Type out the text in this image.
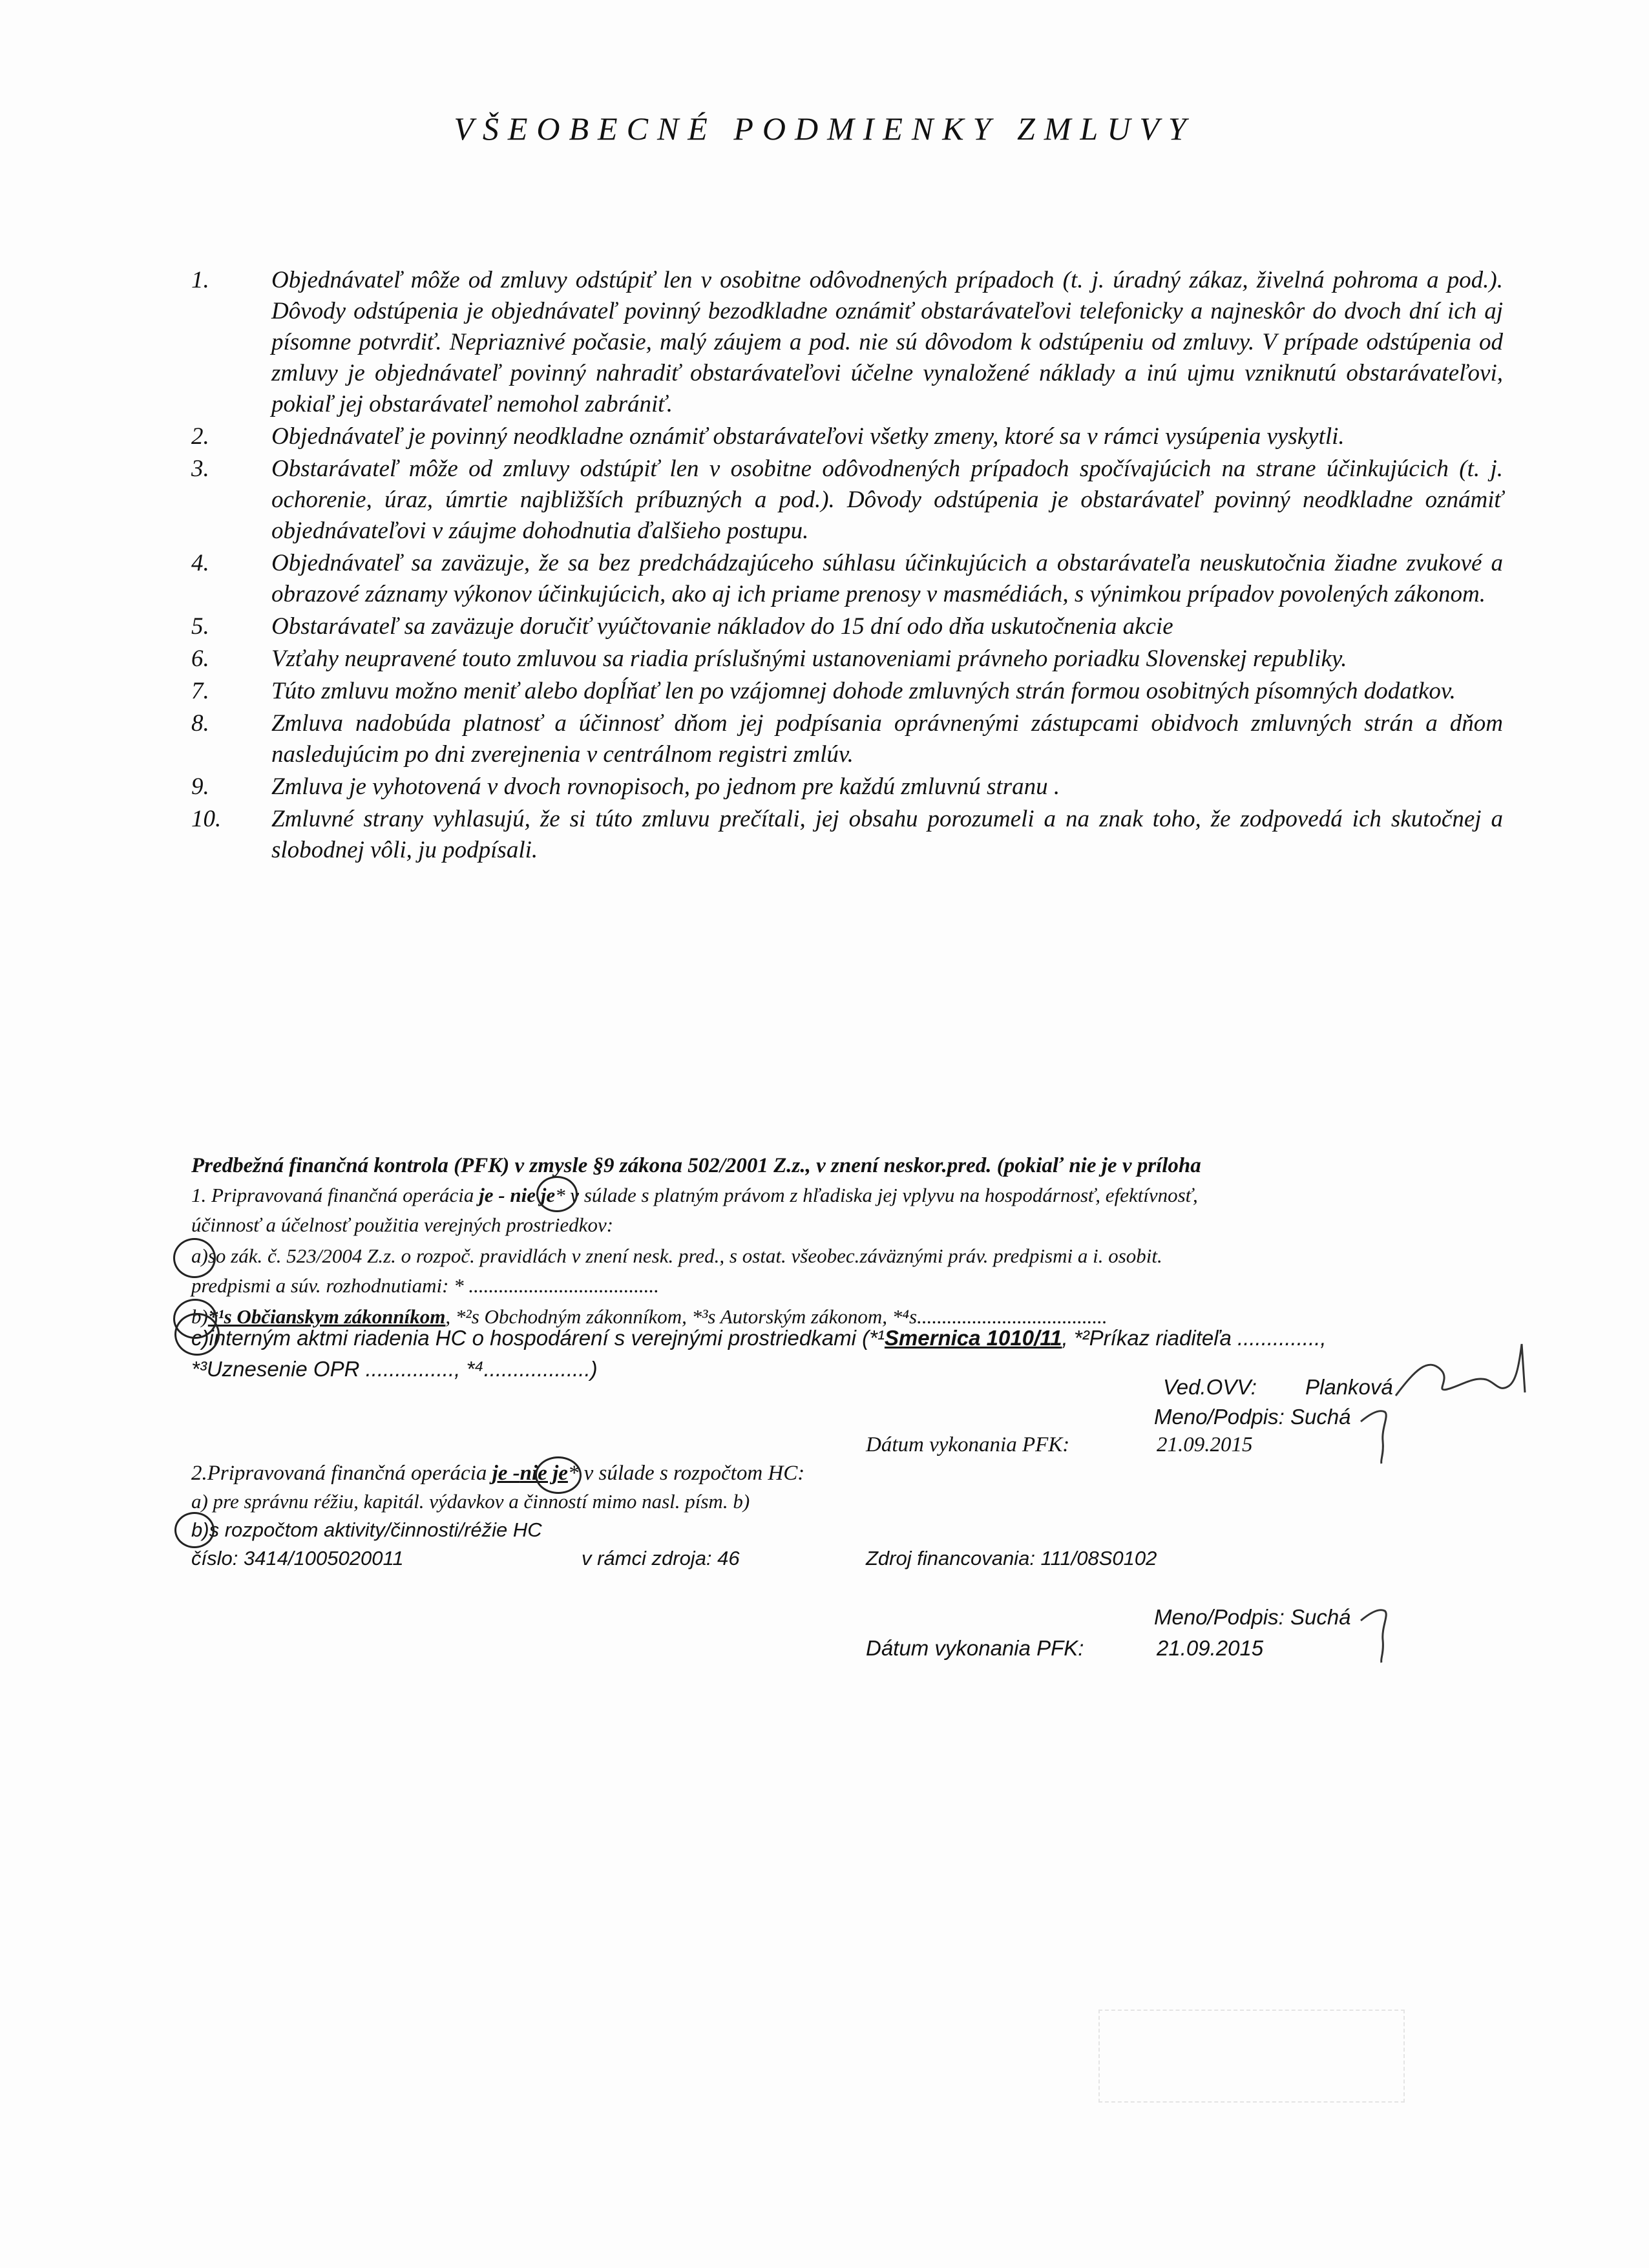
VŠEOBECNÉ PODMIENKY ZMLUVY
1.	Objednávateľ môže od zmluvy odstúpiť len v osobitne odôvodnených prípadoch (t. j. úradný zákaz, živelná pohroma a pod.). Dôvody odstúpenia je objednávateľ povinný bezodkladne oznámiť obstarávateľovi telefonicky a najneskôr do dvoch dní ich aj písomne potvrdiť. Nepriaznivé počasie, malý záujem a pod. nie sú dôvodom k odstúpeniu od zmluvy. V prípade odstúpenia od zmluvy je objednávateľ povinný nahradiť obstarávateľovi účelne vynaložené náklady a inú ujmu vzniknutú obstarávateľovi, pokiaľ jej obstarávateľ nemohol zabrániť.
2.	Objednávateľ je povinný neodkladne oznámiť obstarávateľovi všetky zmeny, ktoré sa v rámci vysúpenia vyskytli.
3.	Obstarávateľ môže od zmluvy odstúpiť len v osobitne odôvodnených prípadoch spočívajúcich na strane účinkujúcich (t. j. ochorenie, úraz, úmrtie najbližších príbuzných a pod.). Dôvody odstúpenia je obstarávateľ povinný neodkladne oznámiť objednávateľovi v záujme dohodnutia ďalšieho postupu.
4.	Objednávateľ sa zaväzuje, že sa bez predchádzajúceho súhlasu účinkujúcich a obstarávateľa neuskutočnia žiadne zvukové a obrazové záznamy výkonov účinkujúcich, ako aj ich priame prenosy v masmédiách, s výnimkou prípadov povolených zákonom.
5.	Obstarávateľ sa zaväzuje doručiť vyúčtovanie nákladov do 15 dní odo dňa uskutočnenia akcie
6.	Vzťahy neupravené touto zmluvou sa riadia príslušnými ustanoveniami právneho poriadku Slovenskej republiky.
7.	Túto zmluvu možno meniť alebo dopĺňať len po vzájomnej dohode zmluvných strán formou osobitných písomných dodatkov.
8.	Zmluva nadobúda platnosť a účinnosť dňom jej podpísania oprávnenými zástupcami obidvoch zmluvných strán a dňom nasledujúcim po dni zverejnenia v centrálnom registri zmlúv.
9.	Zmluva je vyhotovená v dvoch rovnopisoch, po jednom pre každú zmluvnú stranu .
10.	Zmluvné strany vyhlasujú, že si túto zmluvu prečítali, jej obsahu porozumeli a na znak toho, že zodpovedá ich skutočnej a slobodnej vôli, ju podpísali.
Predbežná finančná kontrola (PFK) v zmysle §9 zákona 502/2001 Z.z., v znení neskor.pred. (pokiaľ nie je v príloha
1. Pripravovaná finančná operácia je - nie je* v súlade s platným právom z hľadiska jej vplyvu na hospodárnosť, efektívnosť,
účinnosť a účelnosť použitia verejných prostriedkov:
a)so zák. č. 523/2004 Z.z. o rozpoč. pravidlách v znení nesk. pred., s ostat. všeobec.záväznými práv. predpismi a i. osobit.
predpismi a súv. rozhodnutiami: * ......................................
b)*¹s Občianskym zákonníkom, *²s Obchodným zákonníkom, *³s Autorským zákonom, *⁴s......................................
c)interným aktmi riadenia HC o hospodárení s verejnými prostriedkami (*¹Smernica 1010/11, *²Príkaz riaditeľa ..............,
*³Uznesenie OPR ..............., *⁴..................)
Ved.OVV: Planková
Meno/Podpis: Suchá
Dátum vykonania PFK:	21.09.2015
2.Pripravovaná finančná operácia je -nie je* v súlade s rozpočtom HC:
a) pre správnu réžiu, kapitál. výdavkov a činností mimo nasl. písm. b)
b)s rozpočtom aktivity/činnosti/réžie HC
číslo: 3414/1005020011	v rámci zdroja: 46	Zdroj financovania: 111/08S0102
Meno/Podpis: Suchá
Dátum vykonania PFK:	21.09.2015
